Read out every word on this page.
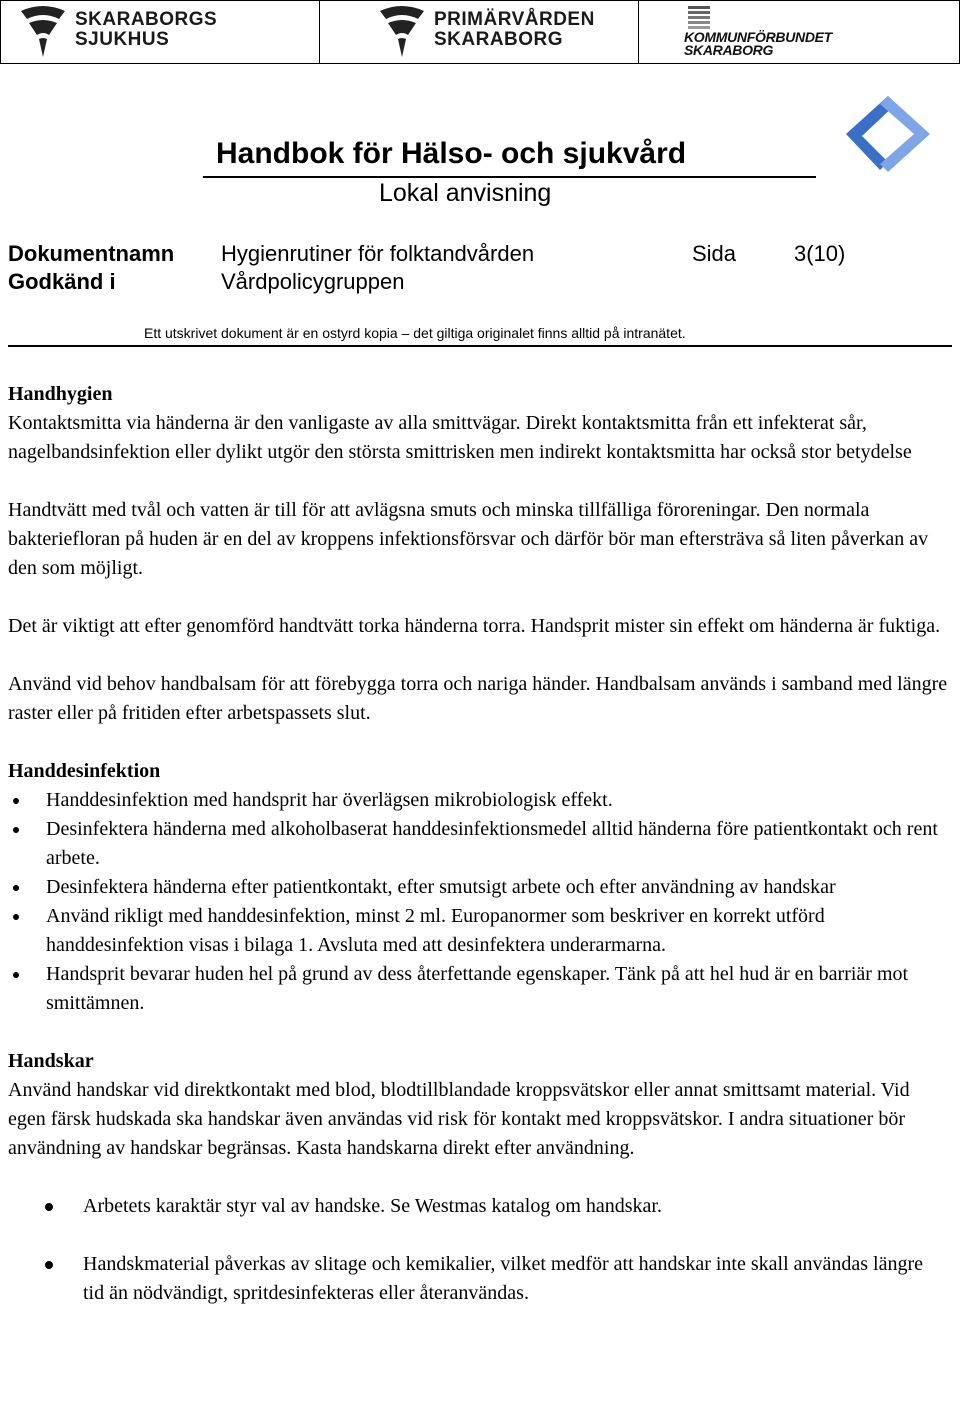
SKARABORGS
SJUKHUS
PRIMÄRVÅRDEN
SKARABORG	KOMMUNFÖRBUNDET
SKARABORG
Handbok för Hälso- och sjukvård
Lokal anvisning
Dokumentnamn Hygienrutiner för folktandvården	Sida	3(10)
Godkänd i	Vårdpolicygruppen
Ett utskrivet dokument är en ostyrd kopia – det giltiga originalet finns alltid på intranätet.
Handhygien

Kontaktsmitta via händerna är den vanligaste av alla smittvägar. Direkt kontaktsmitta från ett infekterat sår, nagelbandsinfektion eller dylikt utgör den största smittrisken men indirekt kontaktsmitta har också stor betydelse

Handtvätt med tvål och vatten är till för att avlägsna smuts och minska tillfälliga föroreningar. Den normala bakteriefloran på huden är en del av kroppens infektionsförsvar och därför bör man eftersträva så liten påverkan av den som möjligt.

Det är viktigt att efter genomförd handtvätt torka händerna torra. Handsprit mister sin effekt om händerna är fuktiga.

Använd vid behov handbalsam för att förebygga torra och nariga händer. Handbalsam används i samband med längre raster eller på fritiden efter arbetspassets slut.

Handdesinfektion
Handdesinfektion med handsprit har överlägsen mikrobiologisk effekt.
Desinfektera händerna med alkoholbaserat handdesinfektionsmedel alltid händerna före patientkontakt och rent arbete.
Desinfektera händerna efter patientkontakt, efter smutsigt arbete och efter användning av handskar
Använd rikligt med handdesinfektion, minst 2 ml. Europanormer som beskriver en korrekt utförd handdesinfektion visas i bilaga 1. Avsluta med att desinfektera underarmarna.
Handsprit bevarar huden hel på grund av dess återfettande egenskaper. Tänk på att hel hud är en barriär mot smittämnen.
Handskar

Använd handskar vid direktkontakt med blod, blodtillblandade kroppsvätskor eller annat smittsamt material. Vid egen färsk hudskada ska handskar även användas vid risk för kontakt med kroppsvätskor. I andra situationer bör användning av handskar begränsas. Kasta handskarna direkt efter användning.

Arbetets karaktär styr val av handske. Se Westmas katalog om handskar.
Handskmaterial påverkas av slitage och kemikalier, vilket medför att handskar inte skall användas längre tid än nödvändigt, spritdesinfekteras eller återanvändas.
